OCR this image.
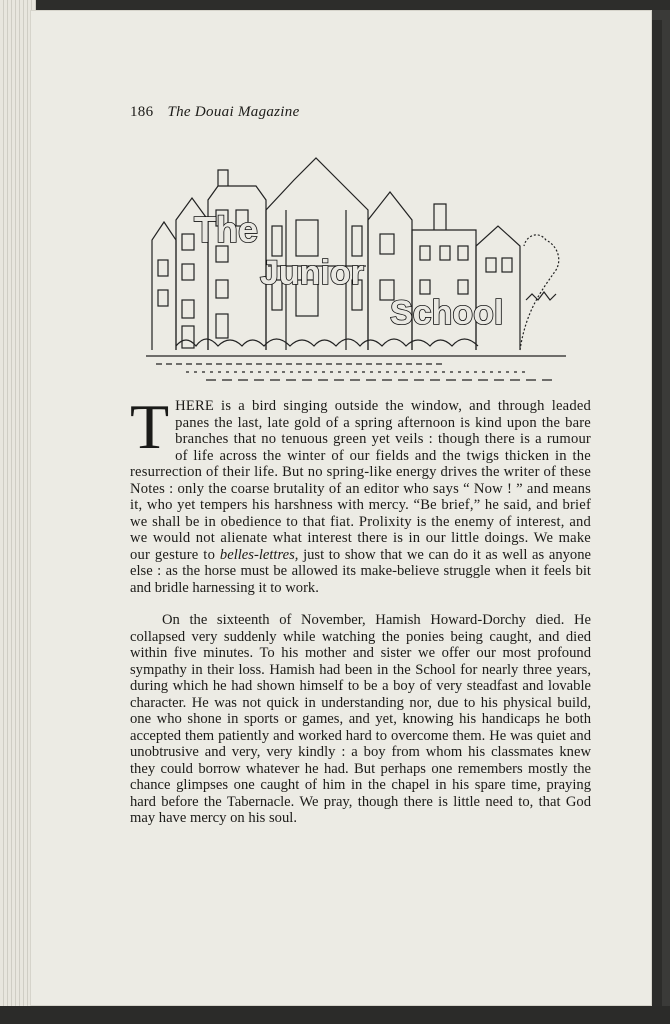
186 The Douai Magazine
The
Junior
School

THERE is a bird singing outside the window, and through leaded panes the last, late gold of a spring afternoon is kind upon the bare branches that no tenuous green yet veils : though there is a rumour of life across the winter of our fields and the twigs thicken in the resurrection of their life. But no spring-like energy drives the writer of these Notes : only the coarse brutality of an editor who says “ Now ! ” and means it, who yet tempers his harshness with mercy. “Be brief,” he said, and brief we shall be in obedience to that fiat. Prolixity is the enemy of interest, and we would not alienate what interest there is in our little doings. We make our gesture to belles-lettres, just to show that we can do it as well as anyone else : as the horse must be allowed its make-believe struggle when it feels bit and bridle harnessing it to work.

On the sixteenth of November, Hamish Howard-Dorchy died. He collapsed very suddenly while watching the ponies being caught, and died within five minutes. To his mother and sister we offer our most profound sympathy in their loss. Hamish had been in the School for nearly three years, during which he had shown himself to be a boy of very steadfast and lovable character. He was not quick in understanding nor, due to his physical build, one who shone in sports or games, and yet, knowing his handicaps he both accepted them patiently and worked hard to overcome them. He was quiet and unobtrusive and very, very kindly : a boy from whom his classmates knew they could borrow whatever he had. But perhaps one remembers mostly the chance glimpses one caught of him in the chapel in his spare time, praying hard before the Tabernacle. We pray, though there is little need to, that God may have mercy on his soul.
